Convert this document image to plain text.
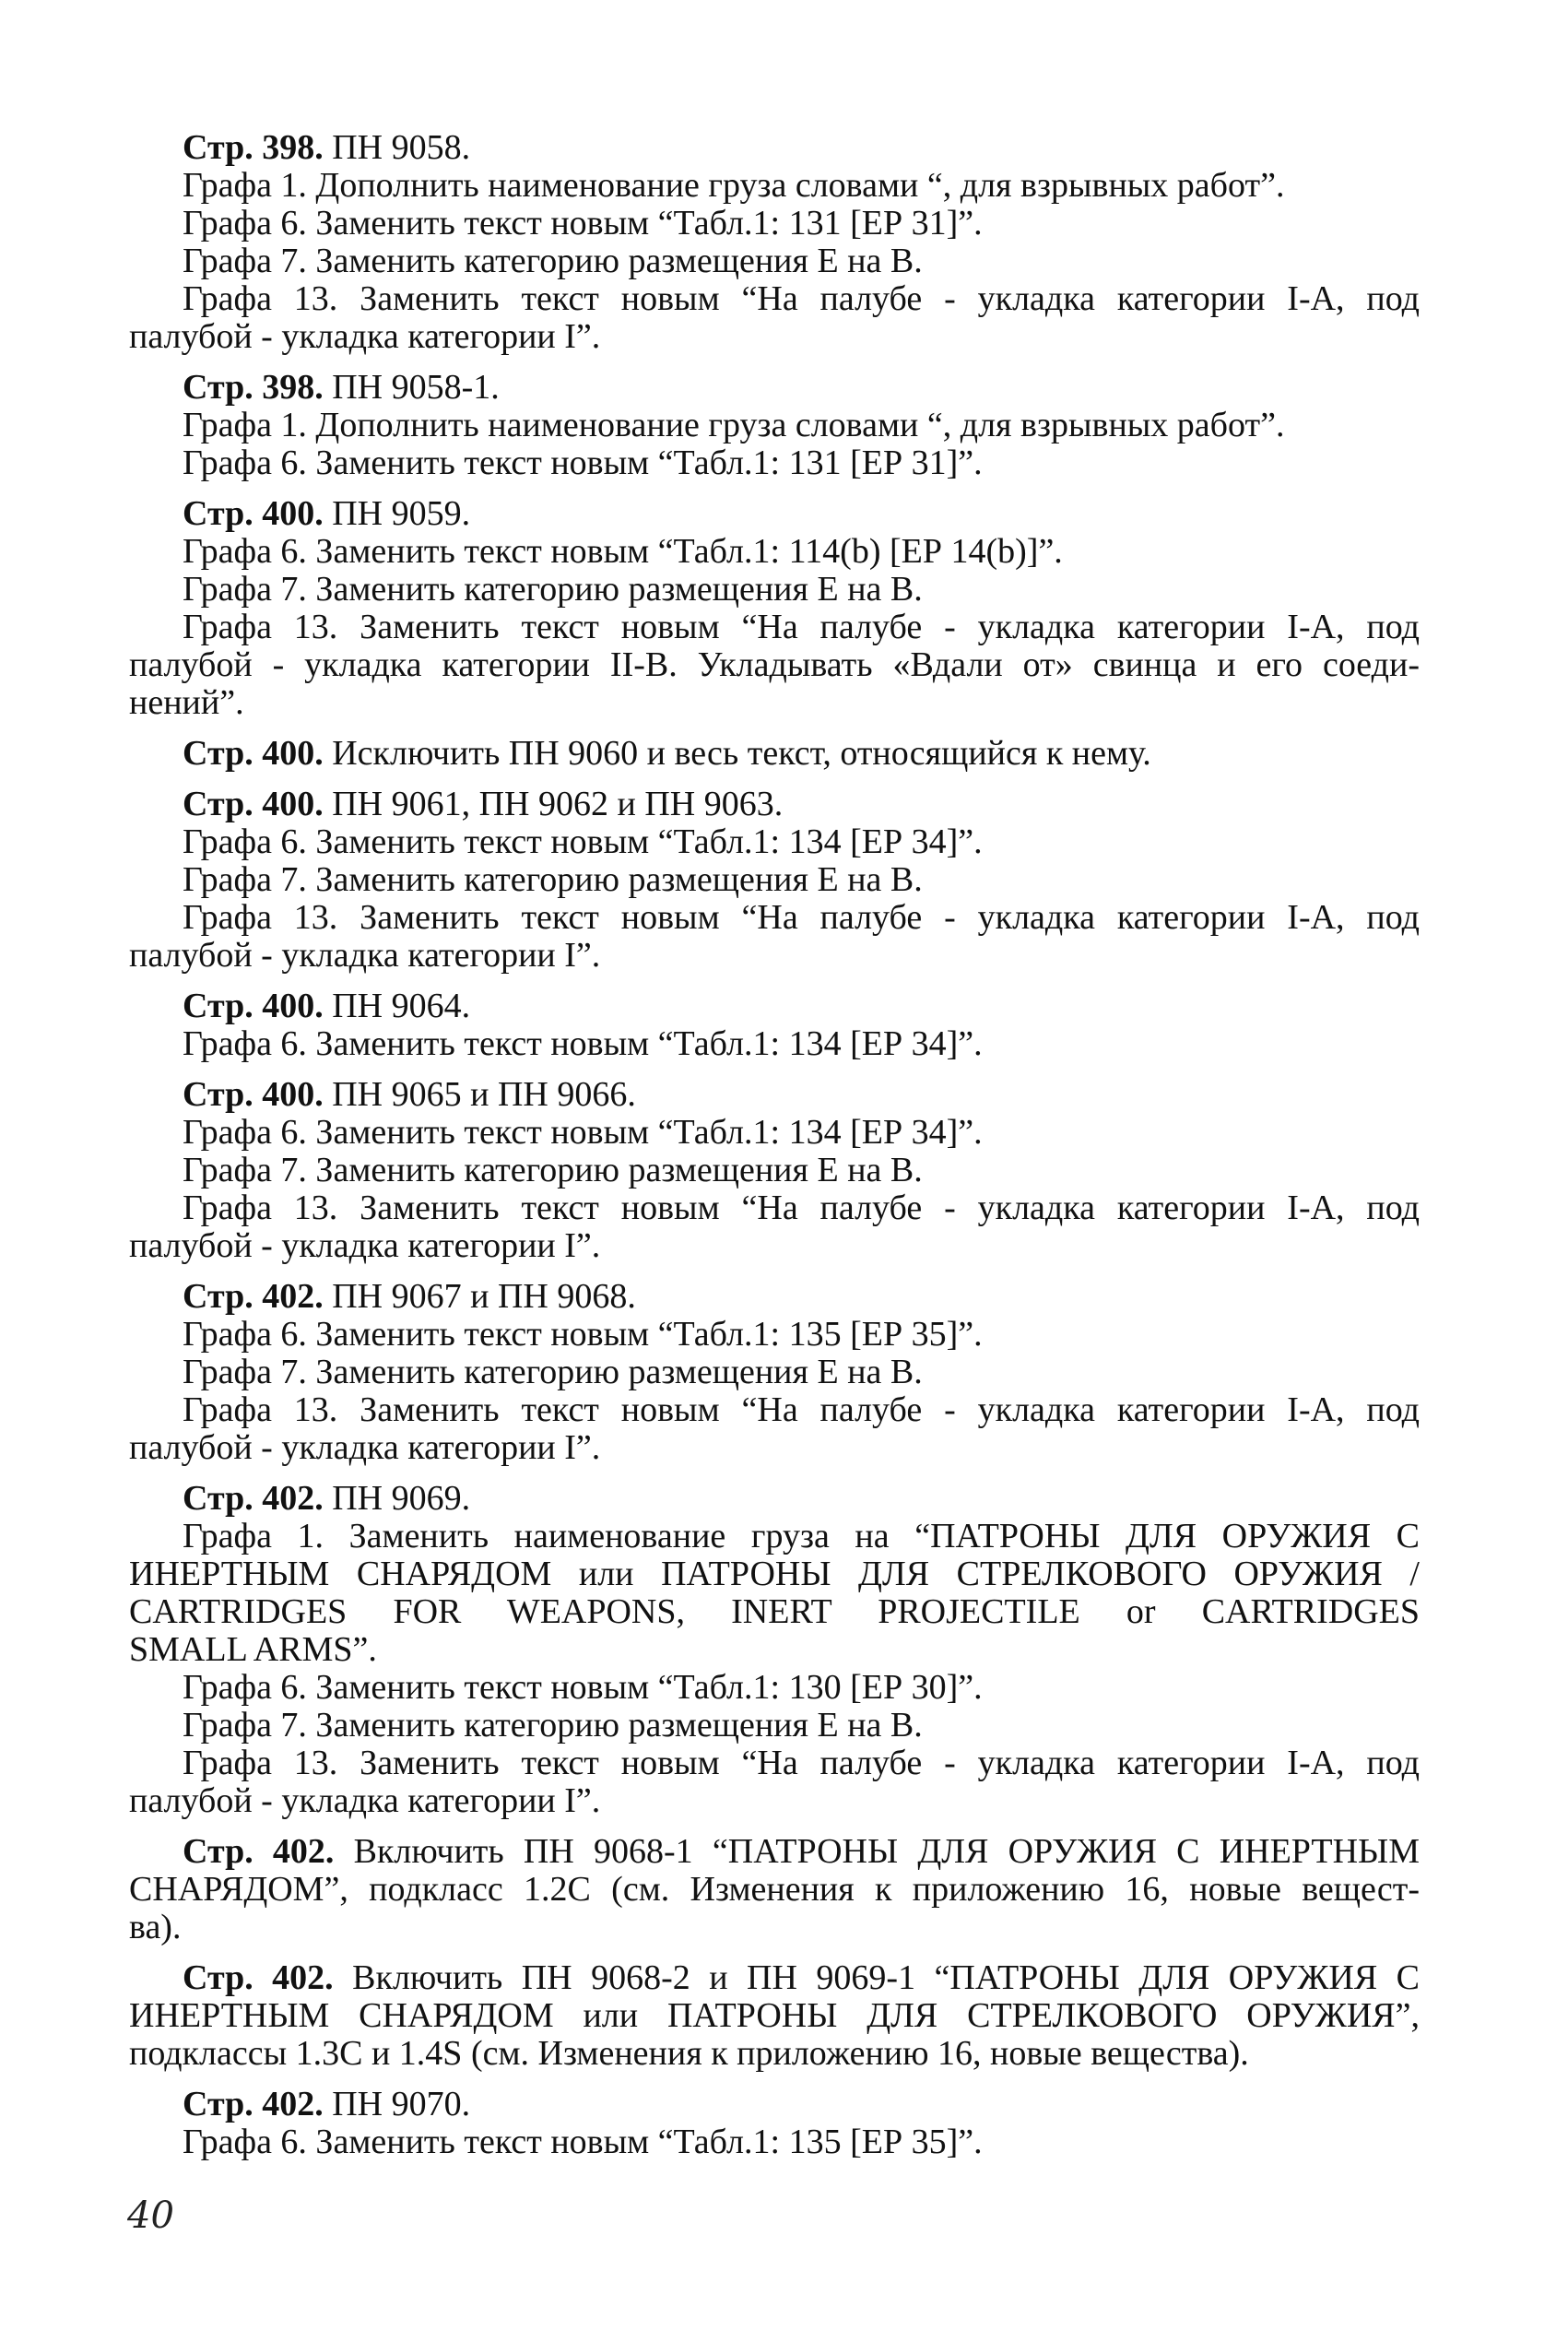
Стр. 398. ПН 9058.
Графа 1. Дополнить наименование груза словами “, для взрывных работ”.
Графа 6. Заменить текст новым “Табл.1: 131 [ЕР 31]”.
Графа 7. Заменить категорию размещения Е на В.
Графа 13. Заменить текст новым “На палубе - укладка категории I-А, под
палубой - укладка категории I”.
Стр. 398. ПН 9058-1.
Графа 1. Дополнить наименование груза словами “, для взрывных работ”.
Графа 6. Заменить текст новым “Табл.1: 131 [ЕР 31]”.
Стр. 400. ПН 9059.
Графа 6. Заменить текст новым “Табл.1: 114(b) [ЕР 14(b)]”.
Графа 7. Заменить категорию размещения Е на В.
Графа 13. Заменить текст новым “На палубе - укладка категории I-А, под
палубой - укладка категории II-В. Укладывать «Вдали от» свинца и его соеди-
нений”.
Стр. 400. Исключить ПН 9060 и весь текст, относящийся к нему.
Стр. 400. ПН 9061, ПН 9062 и ПН 9063.
Графа 6. Заменить текст новым “Табл.1: 134 [ЕР 34]”.
Графа 7. Заменить категорию размещения Е на В.
Графа 13. Заменить текст новым “На палубе - укладка категории I-А, под
палубой - укладка категории I”.
Стр. 400. ПН 9064.
Графа 6. Заменить текст новым “Табл.1: 134 [ЕР 34]”.
Стр. 400. ПН 9065 и ПН 9066.
Графа 6. Заменить текст новым “Табл.1: 134 [ЕР 34]”.
Графа 7. Заменить категорию размещения Е на В.
Графа 13. Заменить текст новым “На палубе - укладка категории I-А, под
палубой - укладка категории I”.
Стр. 402. ПН 9067 и ПН 9068.
Графа 6. Заменить текст новым “Табл.1: 135 [ЕР 35]”.
Графа 7. Заменить категорию размещения Е на В.
Графа 13. Заменить текст новым “На палубе - укладка категории I-А, под
палубой - укладка категории I”.
Стр. 402. ПН 9069.
Графа 1. Заменить наименование груза на “ПАТРОНЫ ДЛЯ ОРУЖИЯ С
ИНЕРТНЫМ СНАРЯДОМ или ПАТРОНЫ ДЛЯ СТРЕЛКОВОГО ОРУЖИЯ /
CARTRIDGES FOR WEAPONS, INERT PROJECTILE or CARTRIDGES
SMALL ARMS”.
Графа 6. Заменить текст новым “Табл.1: 130 [ЕР 30]”.
Графа 7. Заменить категорию размещения Е на В.
Графа 13. Заменить текст новым “На палубе - укладка категории I-А, под
палубой - укладка категории I”.
Стр. 402. Включить ПН 9068-1 “ПАТРОНЫ ДЛЯ ОРУЖИЯ С ИНЕРТНЫМ
СНАРЯДОМ”, подкласс 1.2С (см. Изменения к приложению 16, новые вещест-
ва).
Стр. 402. Включить ПН 9068-2 и ПН 9069-1 “ПАТРОНЫ ДЛЯ ОРУЖИЯ С
ИНЕРТНЫМ СНАРЯДОМ или ПАТРОНЫ ДЛЯ СТРЕЛКОВОГО ОРУЖИЯ”,
подклассы 1.3С и 1.4S (см. Изменения к приложению 16, новые вещества).
Стр. 402. ПН 9070.
Графа 6. Заменить текст новым “Табл.1: 135 [ЕР 35]”.
40
